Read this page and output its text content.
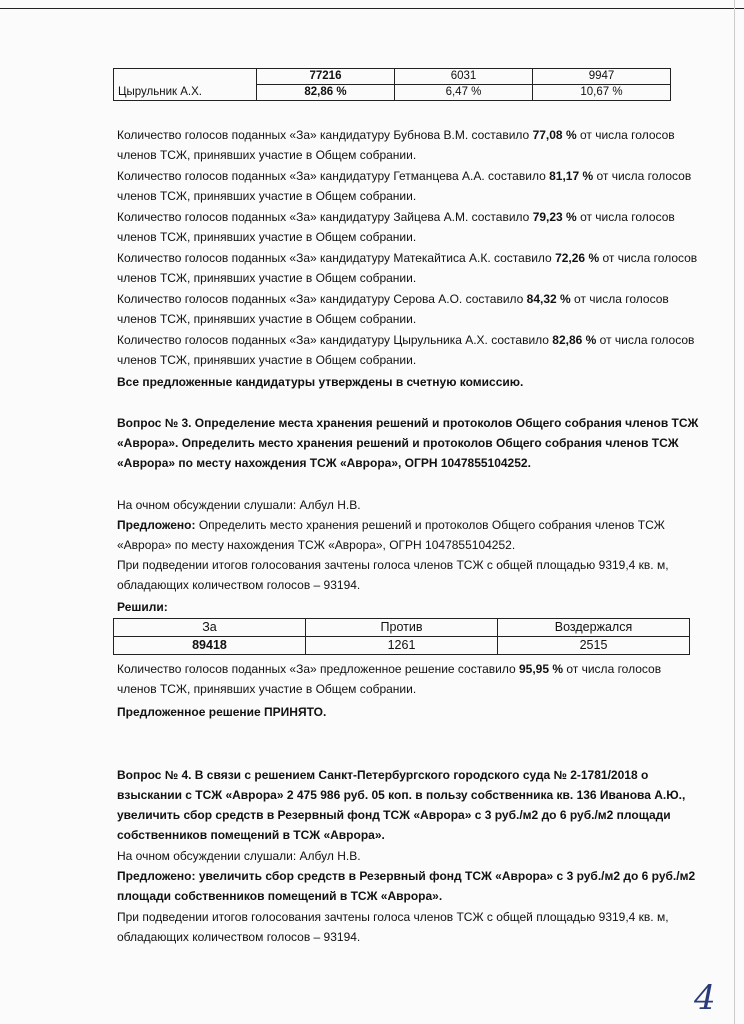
Цырульник А.Х.	77216	6031	9947
	82,86 %	6,47 %	10,67 %

Количество голосов поданных «За» кандидатуру Бубнова В.М. составило 77,08 % от числа голосов членов ТСЖ, принявших участие в Общем собрании.

Количество голосов поданных «За» кандидатуру Гетманцева А.А. составило 81,17 % от числа голосов членов ТСЖ, принявших участие в Общем собрании.

Количество голосов поданных «За» кандидатуру Зайцева А.М. составило 79,23 % от числа голосов членов ТСЖ, принявших участие в Общем собрании.

Количество голосов поданных «За» кандидатуру Матекайтиса А.К. составило 72,26 % от числа голосов членов ТСЖ, принявших участие в Общем собрании.

Количество голосов поданных «За» кандидатуру Серова А.О. составило 84,32 % от числа голосов членов ТСЖ, принявших участие в Общем собрании.

Количество голосов поданных «За» кандидатуру Цырульника А.Х. составило 82,86 % от числа голосов членов ТСЖ, принявших участие в Общем собрании.

Все предложенные кандидатуры утверждены в счетную комиссию.

Вопрос № 3. Определение места хранения решений и протоколов Общего собрания членов ТСЖ «Аврора». Определить место хранения решений и протоколов Общего собрания членов ТСЖ «Аврора» по месту нахождения ТСЖ «Аврора», ОГРН 1047855104252.

На очном обсуждении слушали: Албул Н.В.

Предложено: Определить место хранения решений и протоколов Общего собрания членов ТСЖ «Аврора» по месту нахождения ТСЖ «Аврора», ОГРН 1047855104252.

При подведении итогов голосования зачтены голоса членов ТСЖ с общей площадью 9319,4 кв. м, обладающих количеством голосов – 93194.

Решили:

За	Против	Воздержался
89418	1261	2515

Количество голосов поданных «За» предложенное решение составило 95,95 % от числа голосов членов ТСЖ, принявших участие в Общем собрании.

Предложенное решение ПРИНЯТО.

Вопрос № 4. В связи с решением Санкт-Петербургского городского суда № 2-1781/2018 о взыскании с ТСЖ «Аврора» 2 475 986 руб. 05 коп. в пользу собственника кв. 136 Иванова А.Ю., увеличить сбор средств в Резервный фонд ТСЖ «Аврора» с 3 руб./м2 до 6 руб./м2 площади собственников помещений в ТСЖ «Аврора».

На очном обсуждении слушали: Албул Н.В.

Предложено: увеличить сбор средств в Резервный фонд ТСЖ «Аврора» с 3 руб./м2 до 6 руб./м2 площади собственников помещений в ТСЖ «Аврора».

При подведении итогов голосования зачтены голоса членов ТСЖ с общей площадью 9319,4 кв. м, обладающих количеством голосов – 93194.

4
